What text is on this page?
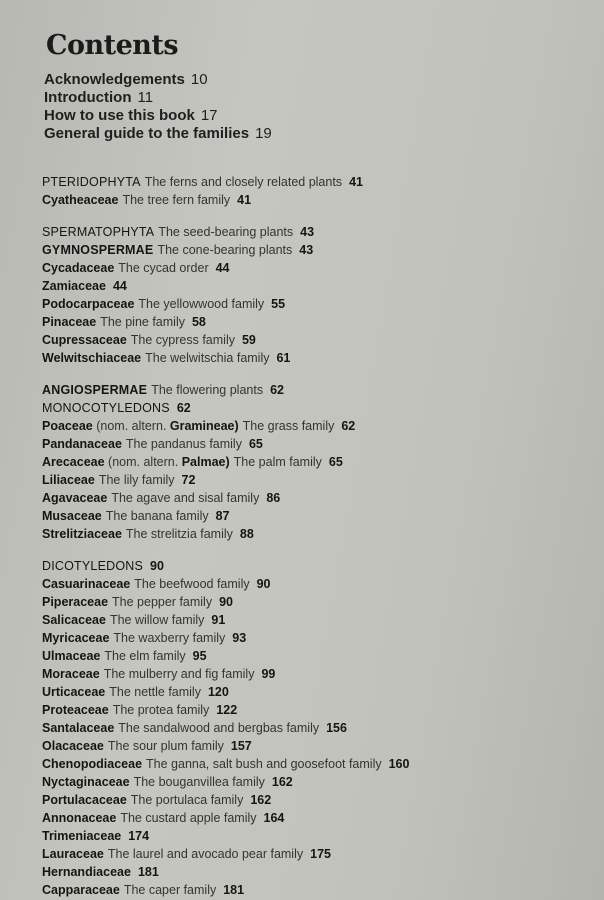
Contents
Acknowledgements 10
Introduction 11
How to use this book 17
General guide to the families 19
PTERIDOPHYTA The ferns and closely related plants 41
Cyatheaceae The tree fern family 41
SPERMATOPHYTA The seed-bearing plants 43
GYMNOSPERMAE The cone-bearing plants 43
Cycadaceae The cycad order 44
Zamiaceae 44
Podocarpaceae The yellowwood family 55
Pinaceae The pine family 58
Cupressaceae The cypress family 59
Welwitschiaceae The welwitschia family 61
ANGIOSPERMAE The flowering plants 62
MONOCOTYLEDONS 62
Poaceae (nom. altern. Gramineae) The grass family 62
Pandanaceae The pandanus family 65
Arecaceae (nom. altern. Palmae) The palm family 65
Liliaceae The lily family 72
Agavaceae The agave and sisal family 86
Musaceae The banana family 87
Strelitziaceae The strelitzia family 88
DICOTYLEDONS 90
Casuarinaceae The beefwood family 90
Piperaceae The pepper family 90
Salicaceae The willow family 91
Myricaceae The waxberry family 93
Ulmaceae The elm family 95
Moraceae The mulberry and fig family 99
Urticaceae The nettle family 120
Proteaceae The protea family 122
Santalaceae The sandalwood and bergbas family 156
Olacaceae The sour plum family 157
Chenopodiaceae The ganna, salt bush and goosefoot family 160
Nyctaginaceae The bouganvillea family 162
Portulacaceae The portulaca family 162
Annonaceae The custard apple family 164
Trimeniaceae 174
Lauraceae The laurel and avocado pear family 175
Hernandiaceae 181
Capparaceae The caper family 181
